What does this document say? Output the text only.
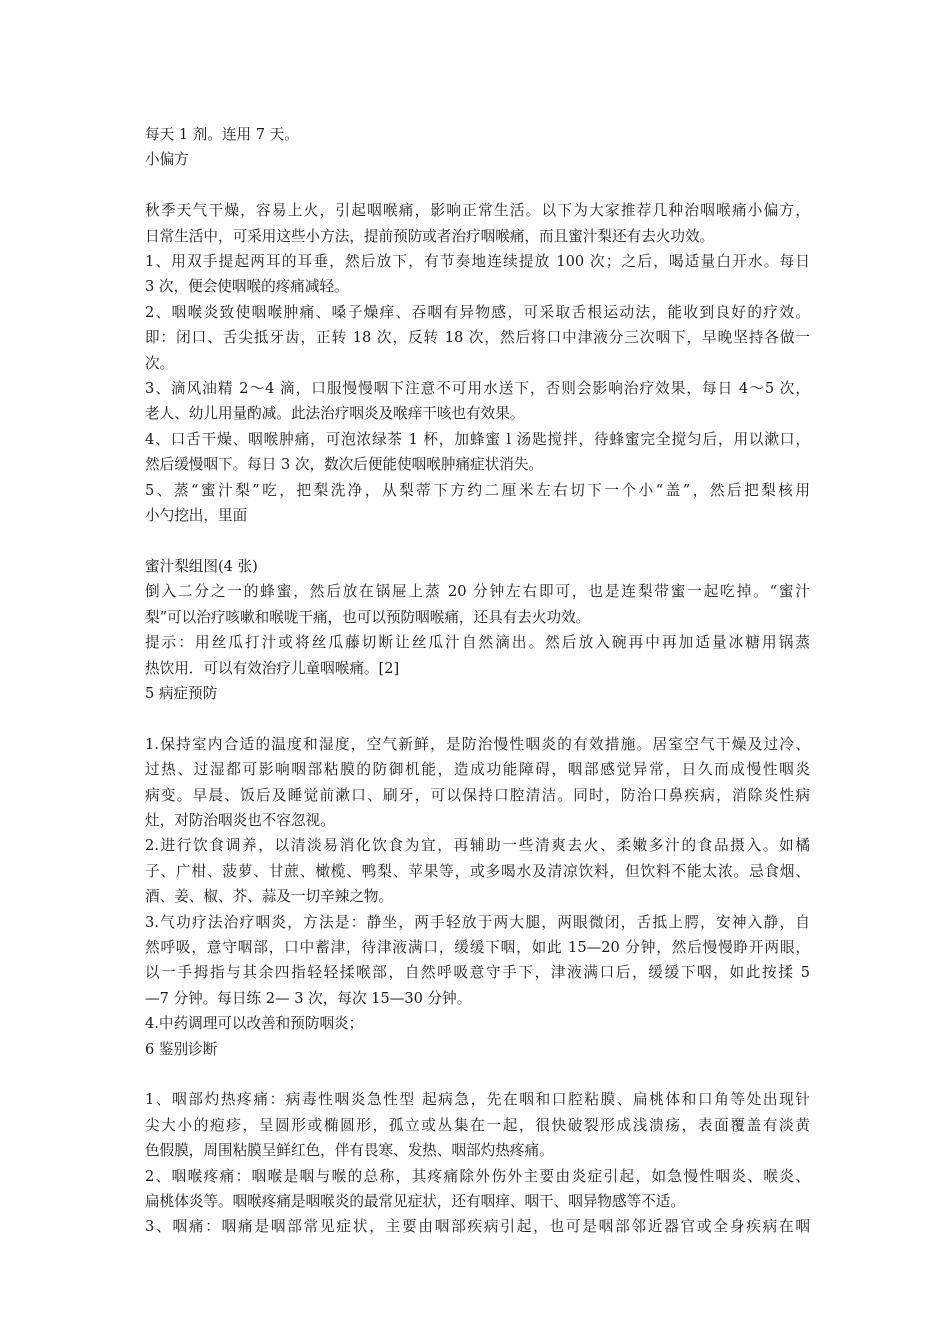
每天 1 剂。连用 7 天。
小偏方
秋季天气干燥，容易上火，引起咽喉痛，影响正常生活。以下为大家推荐几种治咽喉痛小偏方，
日常生活中，可采用这些小方法，提前预防或者治疗咽喉痛，而且蜜汁梨还有去火功效。
1、用双手提起两耳的耳垂，然后放下，有节奏地连续提放 100 次；之后，喝适量白开水。每日
3 次，便会使咽喉的疼痛减轻。
2、咽喉炎致使咽喉肿痛、嗓子燥痒、吞咽有异物感，可采取舌根运动法，能收到良好的疗效。
即：闭口、舌尖抵牙齿，正转 18 次，反转 18 次，然后将口中津液分三次咽下，早晚坚持各做一
次。
3、滴风油精 2～4 滴，口服慢慢咽下注意不可用水送下，否则会影响治疗效果，每日 4～5 次，
老人、幼儿用量酌减。此法治疗咽炎及喉痒干咳也有效果。
4、口舌干燥、咽喉肿痛，可泡浓绿茶 1 杯，加蜂蜜 l 汤匙搅拌，待蜂蜜完全搅匀后，用以漱口，
然后缓慢咽下。每日 3 次，数次后便能使咽喉肿痛症状消失。
5、蒸“蜜汁梨”吃，把梨洗净，从梨蒂下方约二厘米左右切下一个小“盖”，然后把梨核用
小勺挖出，里面
蜜汁梨组图(4 张)
倒入二分之一的蜂蜜，然后放在锅屉上蒸 20 分钟左右即可，也是连梨带蜜一起吃掉。“蜜汁
梨”可以治疗咳嗽和喉咙干痛，也可以预防咽喉痛，还具有去火功效。
提示：用丝瓜打汁或将丝瓜藤切断让丝瓜汁自然滴出。然后放入碗再中再加适量冰糖用锅蒸
热饮用．可以有效治疗儿童咽喉痛。[2]
5 病症预防
1.保持室内合适的温度和湿度，空气新鲜，是防治慢性咽炎的有效措施。居室空气干燥及过冷、
过热、过湿都可影响咽部粘膜的防御机能，造成功能障碍，咽部感觉异常，日久而成慢性咽炎
病变。早晨、饭后及睡觉前漱口、刷牙，可以保持口腔清洁。同时，防治口鼻疾病，消除炎性病
灶，对防治咽炎也不容忽视。
2.进行饮食调养，以清淡易消化饮食为宜，再辅助一些清爽去火、柔嫩多汁的食品摄入。如橘
子、广柑、菠萝、甘蔗、橄榄、鸭梨、苹果等，或多喝水及清凉饮料，但饮料不能太浓。忌食烟、
酒、姜、椒、芥、蒜及一切辛辣之物。
3.气功疗法治疗咽炎，方法是：静坐，两手轻放于两大腿，两眼微闭，舌抵上腭，安神入静，自
然呼吸，意守咽部，口中蓄津，待津液满口，缓缓下咽，如此 15—20 分钟，然后慢慢睁开两眼，
以一手拇指与其余四指轻轻揉喉部，自然呼吸意守手下，津液满口后，缓缓下咽，如此按揉 5
—7 分钟。每日练 2— 3 次，每次 15—30 分钟。
4.中药调理可以改善和预防咽炎；
6 鉴别诊断
1、咽部灼热疼痛：病毒性咽炎急性型 起病急，先在咽和口腔粘膜、扁桃体和口角等处出现针
尖大小的疱疹，呈圆形或椭圆形，孤立或丛集在一起，很快破裂形成浅溃疡，表面覆盖有淡黄
色假膜，周围粘膜呈鲜红色，伴有畏寒、发热、咽部灼热疼痛。
2、咽喉疼痛：咽喉是咽与喉的总称，其疼痛除外伤外主要由炎症引起，如急慢性咽炎、喉炎、
扁桃体炎等。咽喉疼痛是咽喉炎的最常见症状，还有咽痒、咽干、咽异物感等不适。
3、咽痛：咽痛是咽部常见症状，主要由咽部疾病引起，也可是咽部邻近器官或全身疾病在咽
